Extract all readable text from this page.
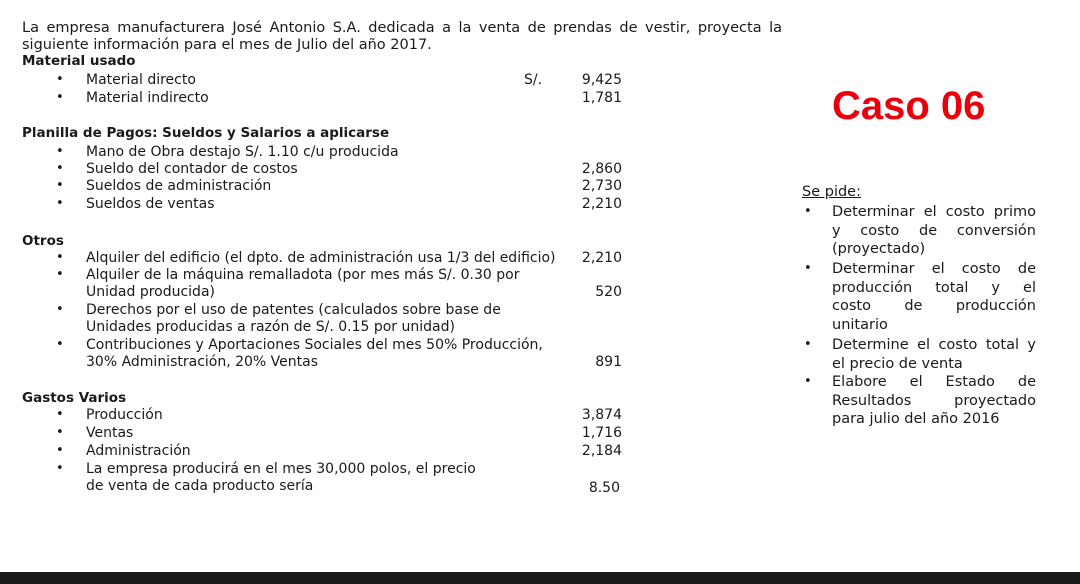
La empresa manufacturera José Antonio S.A. dedicada a la venta de prendas de vestir, proyecta la siguiente información para el mes de Julio del año 2017.
Material usado
• Material directo	S/.	9,425
• Material indirecto	1,781
Planilla de Pagos: Sueldos y Salarios a aplicarse
• Mano de Obra destajo S/. 1.10 c/u producida
• Sueldo del contador de costos	2,860
• Sueldos de administración	2,730
• Sueldos de ventas	2,210
Otros
• Alquiler del edificio (el dpto. de administración usa 1/3 del edificio)	2,210
• Alquiler de la máquina remalladota (por mes más S/. 0.30 por
Unidad producida)	520
• Derechos por el uso de patentes (calculados sobre base de
Unidades producidas a razón de S/. 0.15 por unidad)
• Contribuciones y Aportaciones Sociales del mes 50% Producción,
30% Administración, 20% Ventas	891
Gastos Varios
• Producción	3,874
• Ventas	1,716
• Administración	2,184
• La empresa producirá en el mes 30,000 polos, el precio
de venta de cada producto sería	8.50
Caso 06
Se pide:
• Determinar el costo primo
y costo de conversión
(proyectado)
• Determinar el costo de
producción total y el
costo de producción
unitario
• Determine el costo total y
el precio de venta
• Elabore el Estado de
Resultados proyectado
para julio del año 2016
